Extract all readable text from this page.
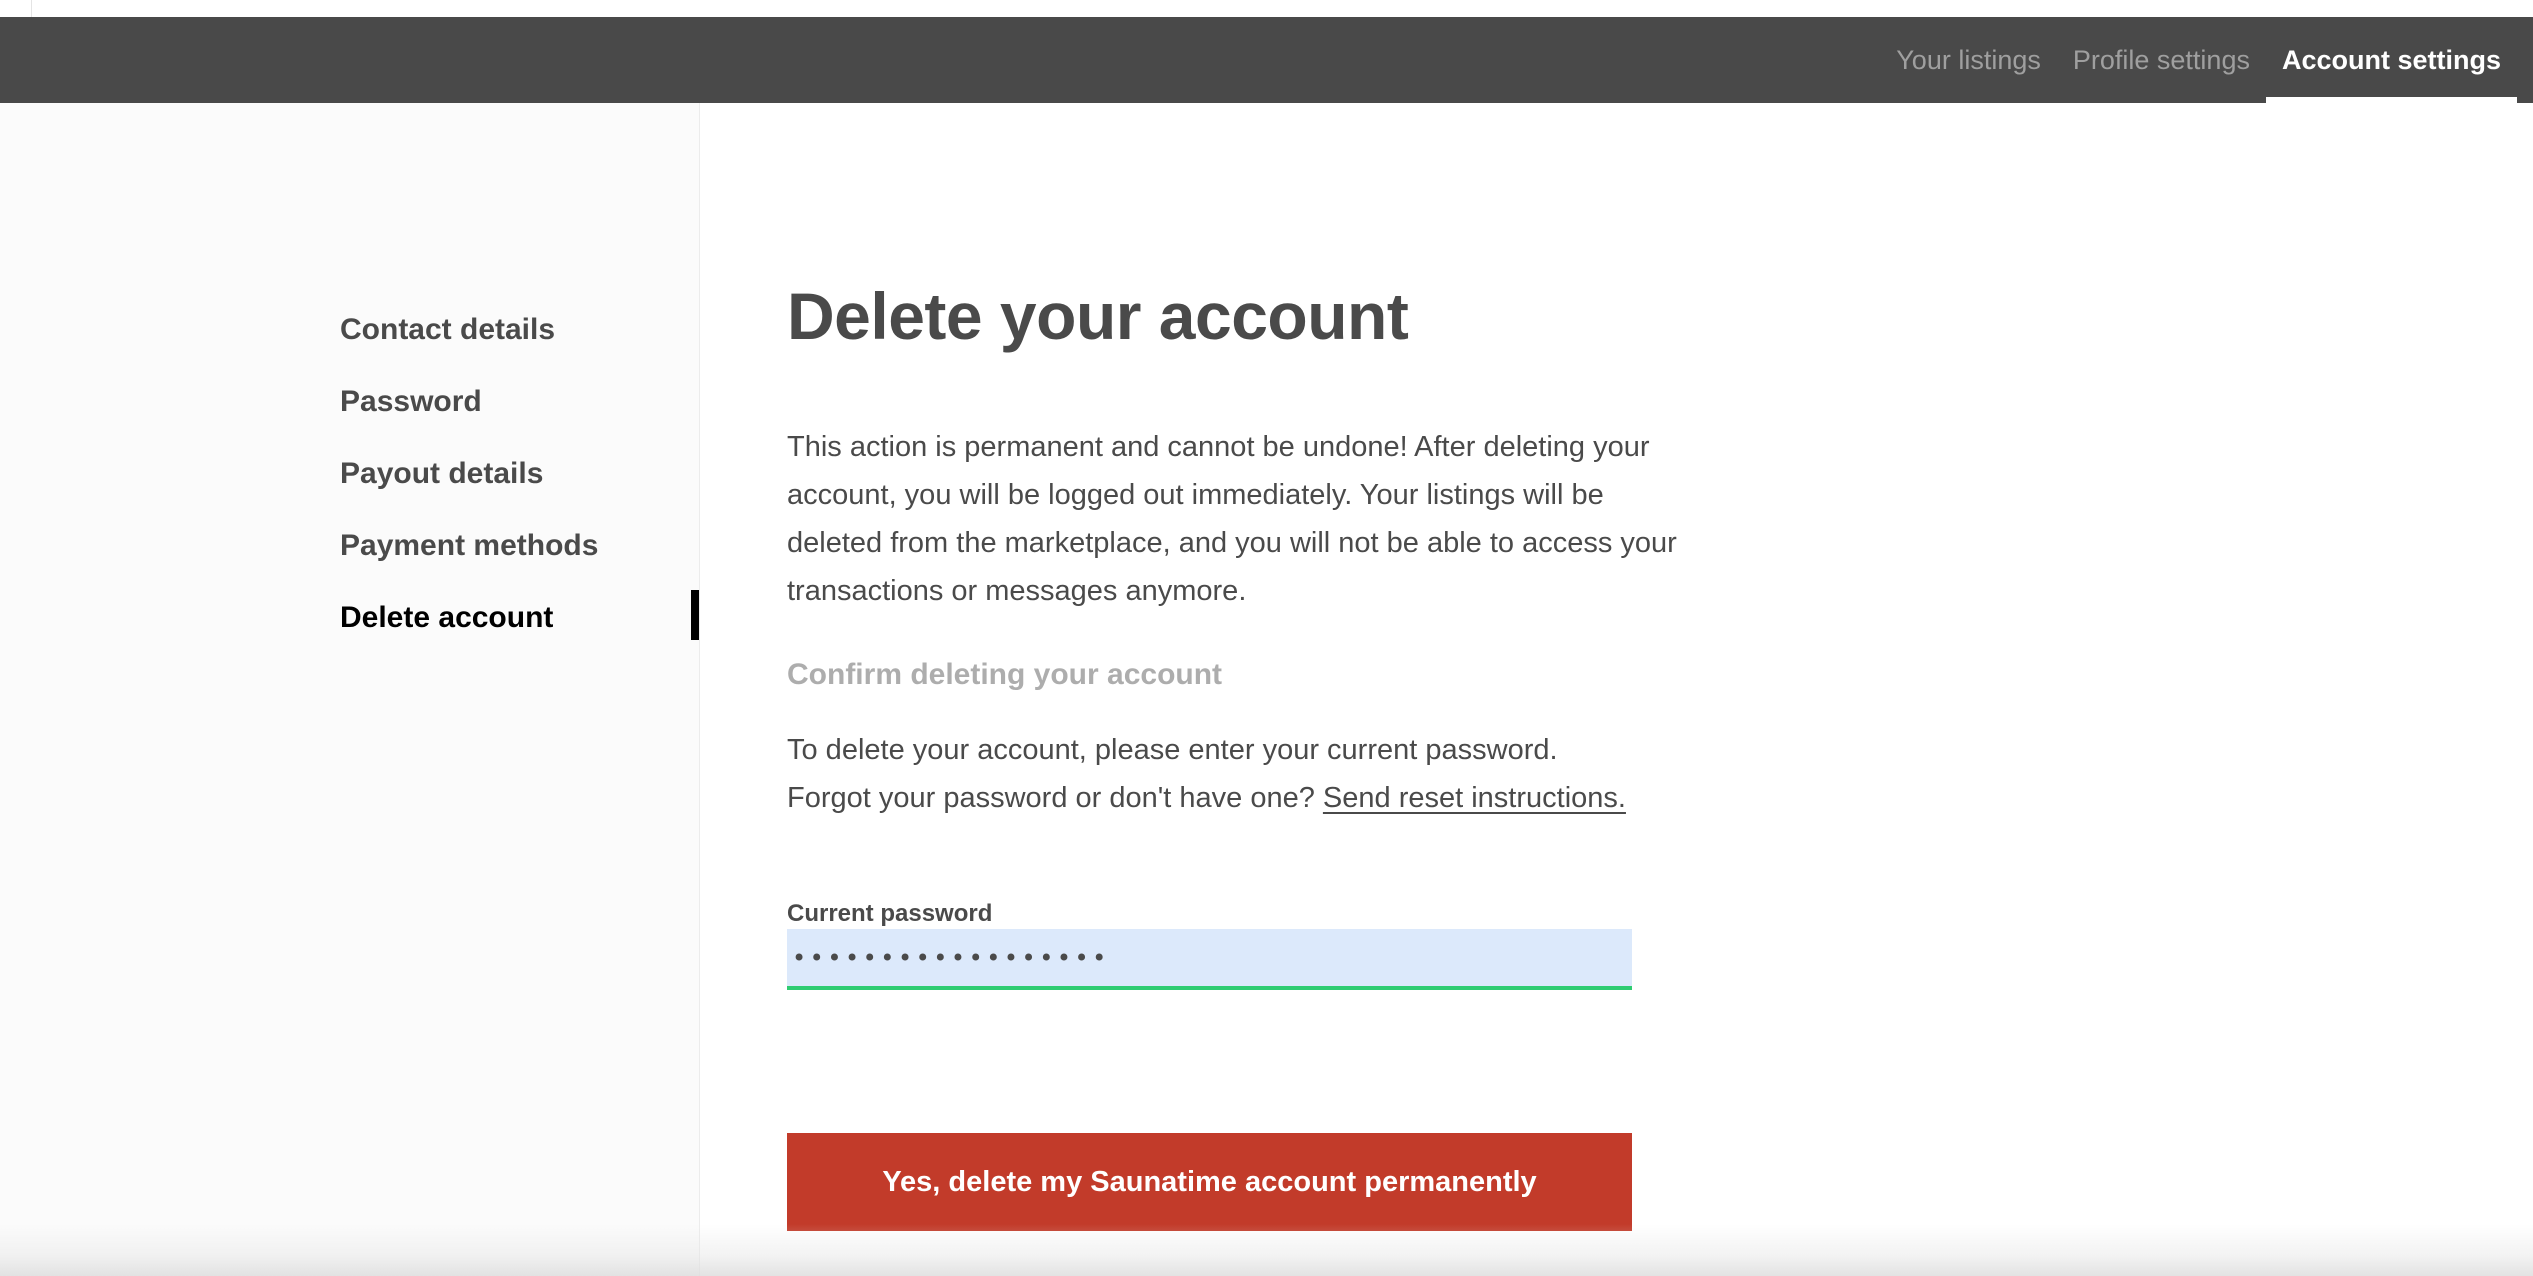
Your listings	Profile settings	Account settings
Contact details
Password
Payout details
Payment methods
Delete account
Delete your account
This action is permanent and cannot be undone! After deleting your
account, you will be logged out immediately. Your listings will be
deleted from the marketplace, and you will not be able to access your
transactions or messages anymore.
Confirm deleting your account
To delete your account, please enter your current password.
Forgot your password or don't have one? Send reset instructions.
Current password
••••••••••••••••••
Yes, delete my Saunatime account permanently
